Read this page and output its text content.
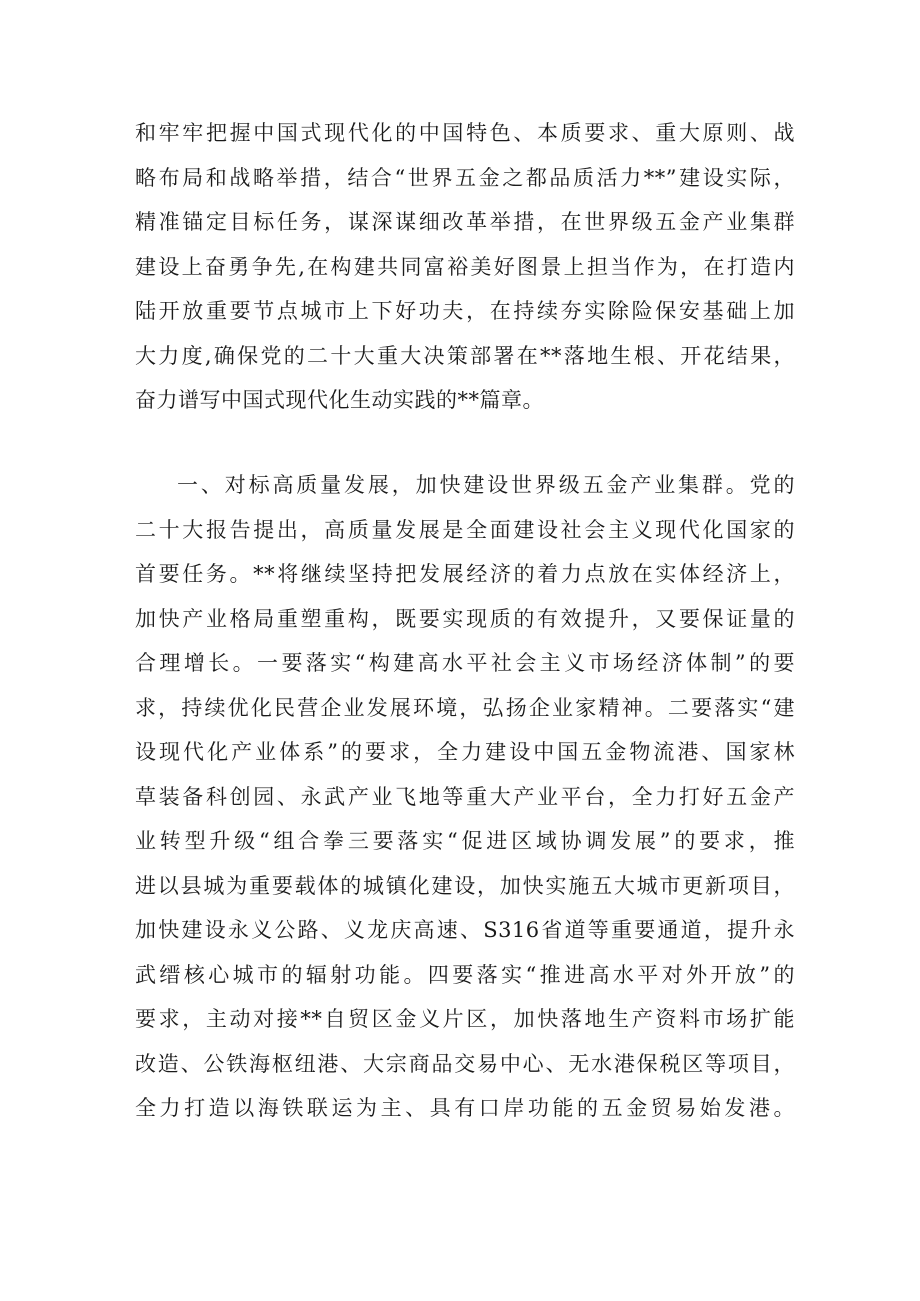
和牢牢把握中国式现代化的中国特色、本质要求、重大原则、战
略布局和战略举措，结合“世界五金之都品质活力**”建设实际，
精准锚定目标任务，谋深谋细改革举措，在世界级五金产业集群
建设上奋勇争先,在构建共同富裕美好图景上担当作为，在打造内
陆开放重要节点城市上下好功夫，在持续夯实除险保安基础上加
大力度,确保党的二十大重大决策部署在**落地生根、开花结果，
奋力谱写中国式现代化生动实践的**篇章。
一、对标高质量发展，加快建设世界级五金产业集群。党的
二十大报告提出，高质量发展是全面建设社会主义现代化国家的
首要任务。**将继续坚持把发展经济的着力点放在实体经济上，
加快产业格局重塑重构，既要实现质的有效提升，又要保证量的
合理增长。一要落实“构建高水平社会主义市场经济体制”的要
求，持续优化民营企业发展环境，弘扬企业家精神。二要落实“建
设现代化产业体系”的要求，全力建设中国五金物流港、国家林
草装备科创园、永武产业飞地等重大产业平台，全力打好五金产
业转型升级“组合拳三要落实“促进区域协调发展”的要求，推
进以县城为重要载体的城镇化建设，加快实施五大城市更新项目，
加快建设永义公路、义龙庆高速、S316省道等重要通道，提升永
武缙核心城市的辐射功能。四要落实“推进高水平对外开放”的
要求，主动对接**自贸区金义片区，加快落地生产资料市场扩能
改造、公铁海枢纽港、大宗商品交易中心、无水港保税区等项目，
全力打造以海铁联运为主、具有口岸功能的五金贸易始发港。
